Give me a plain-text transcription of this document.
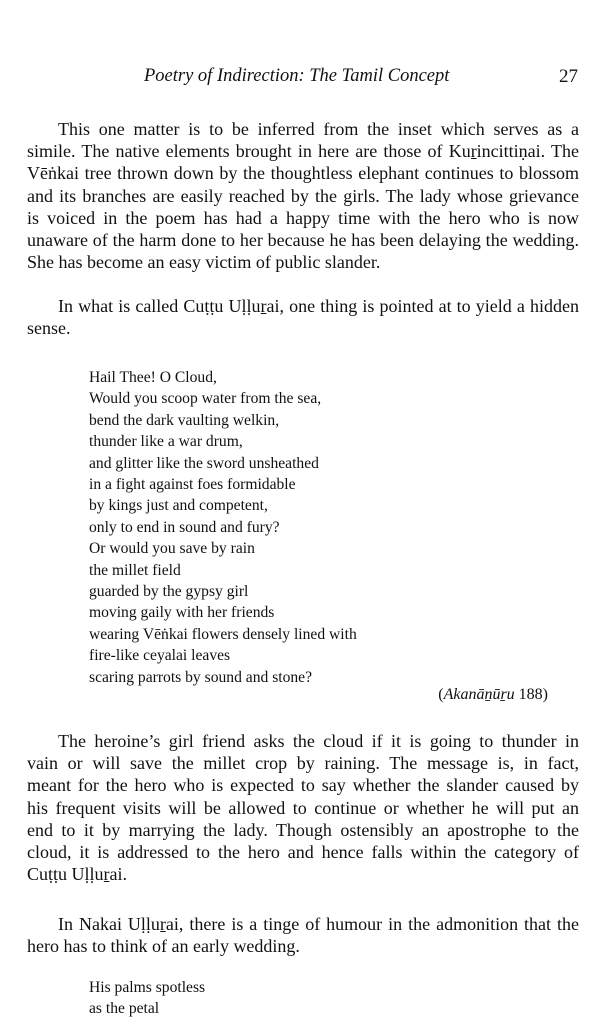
Poetry of Indirection: The Tamil Concept	27
This one matter is to be inferred from the inset which serves as a
simile. The native elements brought in here are those of Kuṟincittiṇai. The
Vēṅkai tree thrown down by the thoughtless elephant continues to blossom
and its branches are easily reached by the girls. The lady whose grievance
is voiced in the poem has had a happy time with the hero who is now
unaware of the harm done to her because he has been delaying the wedding.
She has become an easy victim of public slander.
In what is called Cuṭṭu Uḷḷuṟai, one thing is pointed at to yield a hidden
sense.
Hail Thee! O Cloud,
Would you scoop water from the sea,
bend the dark vaulting welkin,
thunder like a war drum,
and glitter like the sword unsheathed
in a fight against foes formidable
by kings just and competent,
only to end in sound and fury?
Or would you save by rain
the millet field
guarded by the gypsy girl
moving gaily with her friends
wearing Vēṅkai flowers densely lined with
fire-like ceyalai leaves
scaring parrots by sound and stone?
(Akanāṉūṟu 188)
The heroine’s girl friend asks the cloud if it is going to thunder in
vain or will save the millet crop by raining. The message is, in fact,
meant for the hero who is expected to say whether the slander caused by
his frequent visits will be allowed to continue or whether he will put an
end to it by marrying the lady. Though ostensibly an apostrophe to the
cloud, it is addressed to the hero and hence falls within the category of
Cuṭṭu Uḷḷuṟai.
In Nakai Uḷḷuṟai, there is a tinge of humour in the admonition that the
hero has to think of an early wedding.
His palms spotless
as the petal
